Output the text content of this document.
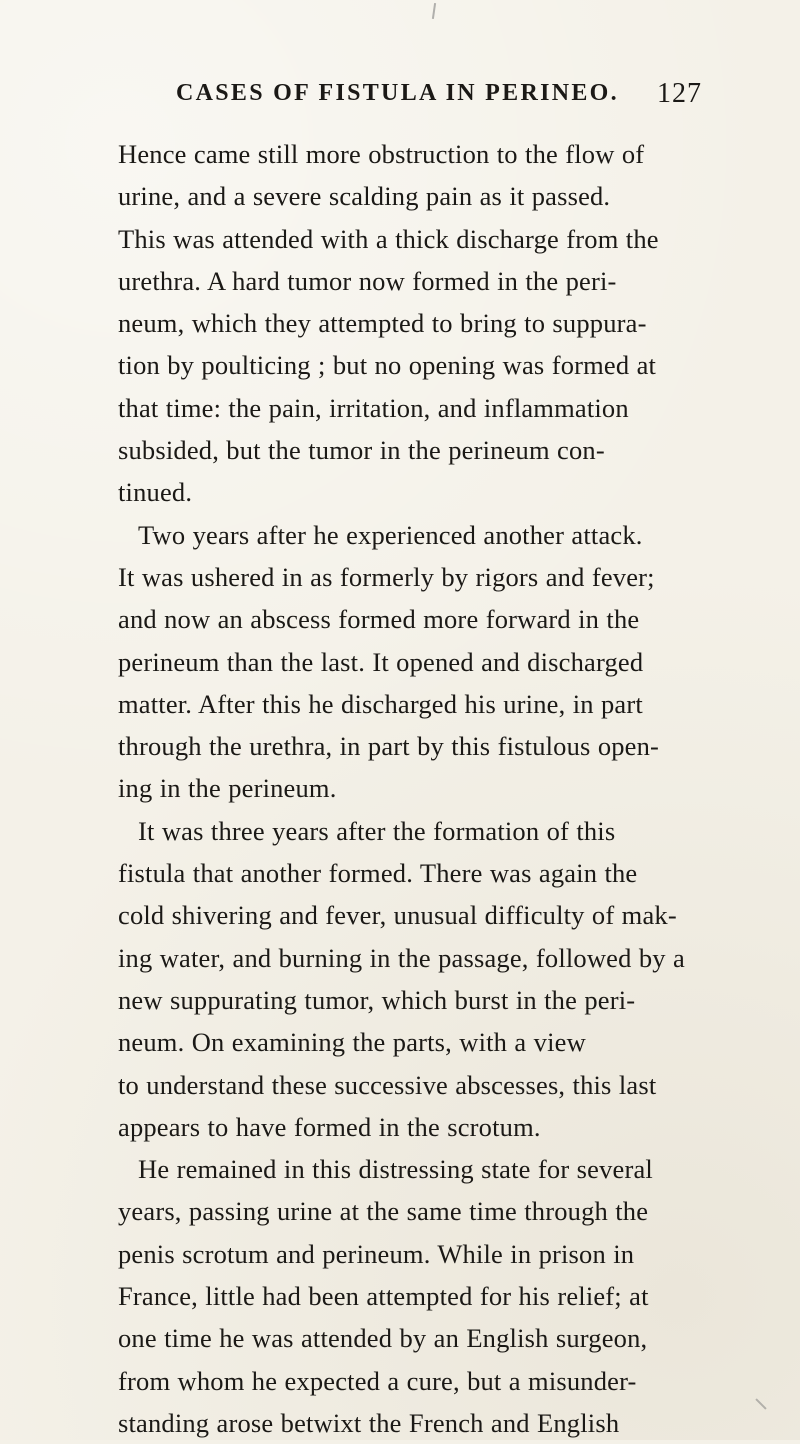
CASES OF FISTULA IN PERINEO. 127
Hence came still more obstruction to the flow of
urine, and a severe scalding pain as it passed.
This was attended with a thick discharge from the
urethra. A hard tumor now formed in the peri-
neum, which they attempted to bring to suppura-
tion by poulticing ; but no opening was formed at
that time: the pain, irritation, and inflammation
subsided, but the tumor in the perineum con-
tinued.
Two years after he experienced another attack.
It was ushered in as formerly by rigors and fever;
and now an abscess formed more forward in the
perineum than the last. It opened and discharged
matter. After this he discharged his urine, in part
through the urethra, in part by this fistulous open-
ing in the perineum.
It was three years after the formation of this
fistula that another formed. There was again the
cold shivering and fever, unusual difficulty of mak-
ing water, and burning in the passage, followed by a
new suppurating tumor, which burst in the peri-
neum. On examining the parts, with a view
to understand these successive abscesses, this last
appears to have formed in the scrotum.
He remained in this distressing state for several
years, passing urine at the same time through the
penis scrotum and perineum. While in prison in
France, little had been attempted for his relief; at
one time he was attended by an English surgeon,
from whom he expected a cure, but a misunder-
standing arose betwixt the French and English
